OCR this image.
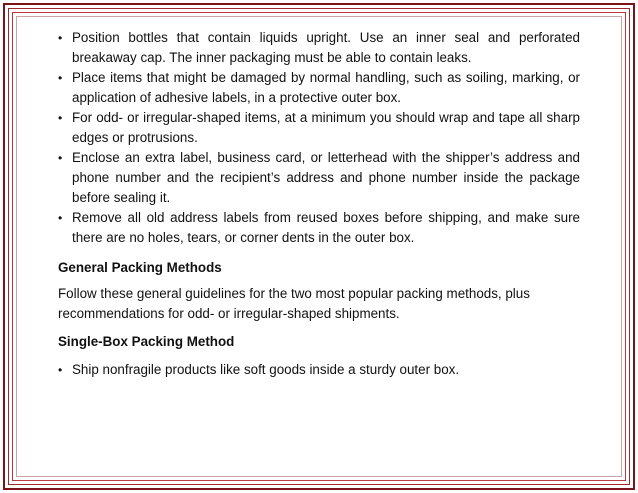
• Position bottles that contain liquids upright. Use an inner seal and perforated breakaway cap. The inner packaging must be able to contain leaks.
• Place items that might be damaged by normal handling, such as soiling, marking, or application of adhesive labels, in a protective outer box.
• For odd- or irregular-shaped items, at a minimum you should wrap and tape all sharp edges or protrusions.
• Enclose an extra label, business card, or letterhead with the shipper’s address and phone number and the recipient’s address and phone number inside the package before sealing it.
• Remove all old address labels from reused boxes before shipping, and make sure there are no holes, tears, or corner dents in the outer box.
General Packing Methods

Follow these general guidelines for the two most popular packing methods, plus recommendations for odd- or irregular-shaped shipments.

Single-Box Packing Method
• Ship nonfragile products like soft goods inside a sturdy outer box.
